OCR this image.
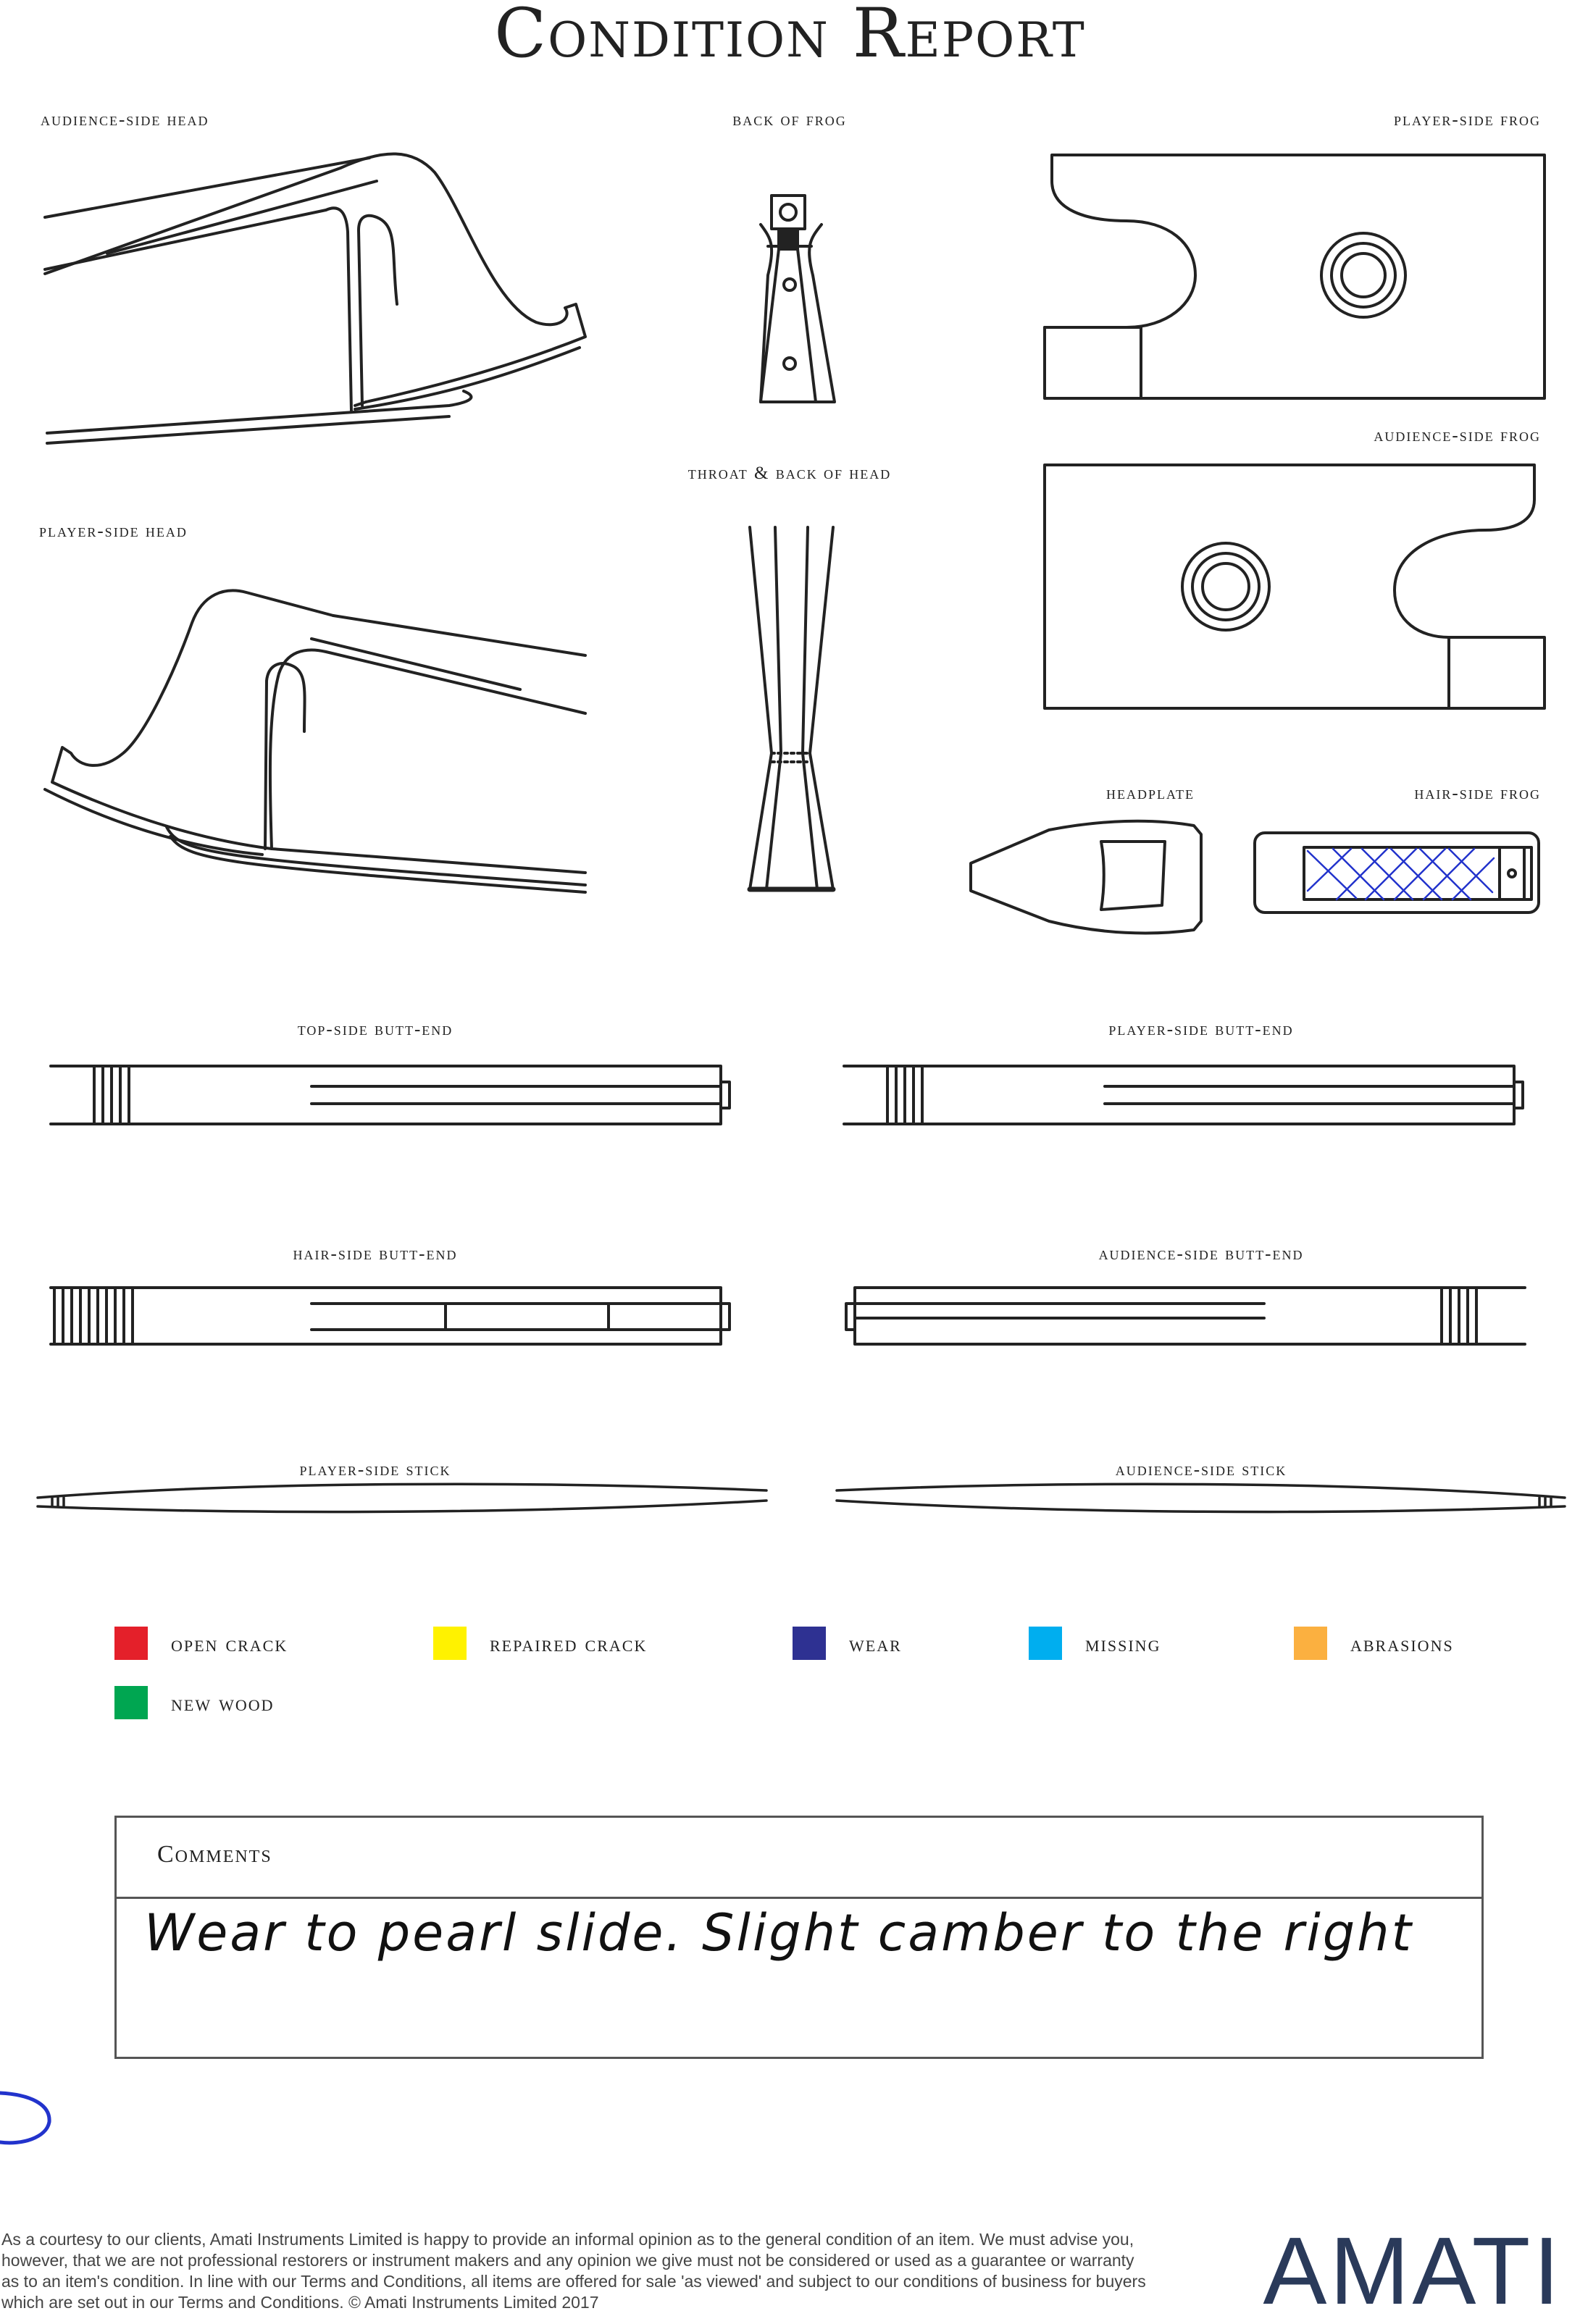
Condition Report
audience-side head	back of frog	player-side frog
player-side head
throat & back of head
audience-side frog
headplate	hair-side frog
top-side butt-end	player-side butt-end
hair-side butt-end	audience-side butt-end
player-side stick	audience-side stick
open crack	repaired crack	wear	missing	abrasions
new wood
Comments
Wear to pearl slide. Slight camber to the right
As a courtesy to our clients, Amati Instruments Limited is happy to provide an informal opinion as to the general condition of an item. We must advise you, however, that we are not professional restorers or instrument makers and any opinion we give must not be considered or used as a guarantee or warranty as to an item's condition. In line with our Terms and Conditions, all items are offered for sale 'as viewed' and subject to our conditions of business for buyers which are set out in our Terms and Conditions. © Amati Instruments Limited 2017	AMATI
